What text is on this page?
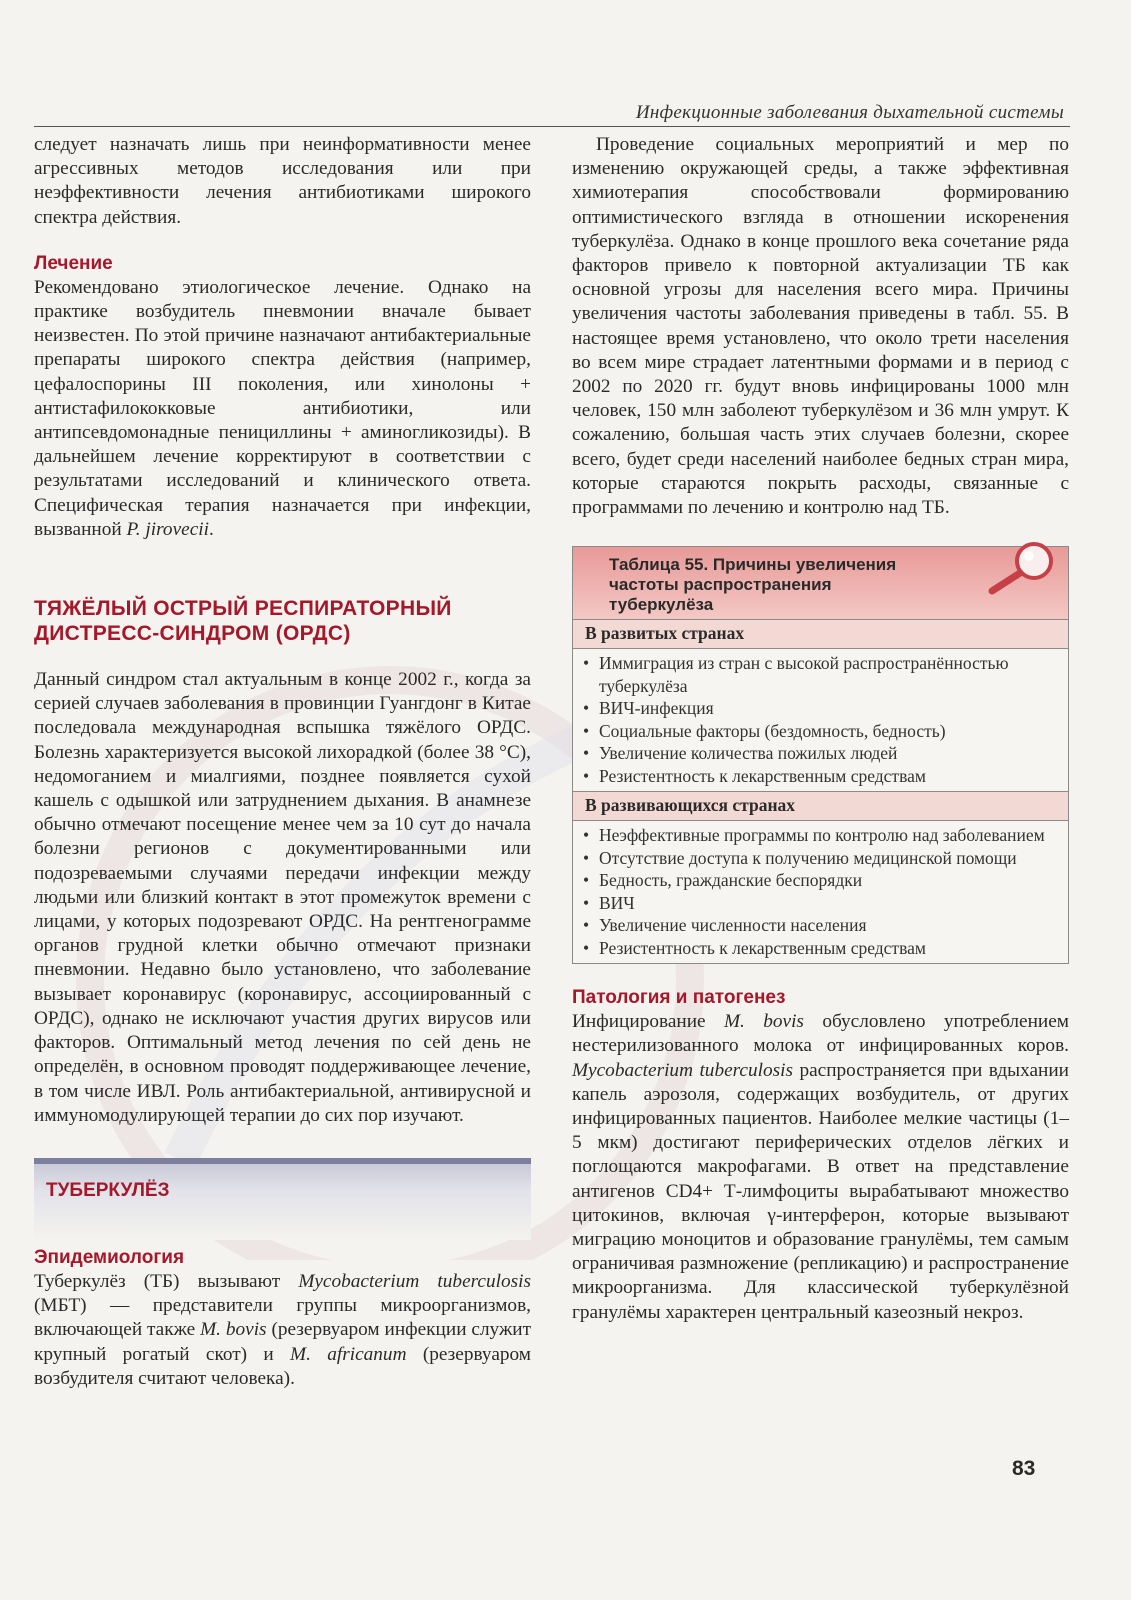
Инфекционные заболевания дыхательной системы

следует назначать лишь при неинформативности менее агрессивных методов исследования или при неэффективности лечения антибиотиками широкого спектра действия.

Лечение

Рекомендовано этиологическое лечение. Однако на практике возбудитель пневмонии вначале бывает неизвестен. По этой причине назначают антибактериальные препараты широкого спектра действия (например, цефалоспорины III поколения, или хинолоны + антистафилококковые антибиотики, или антипсевдомонадные пенициллины + аминогликозиды). В дальнейшем лечение корректируют в соответствии с результатами исследований и клинического ответа. Специфическая терапия назначается при инфекции, вызванной P. jirovecii.

ТЯЖЁЛЫЙ ОСТРЫЙ РЕСПИРАТОРНЫЙ
ДИСТРЕСС-СИНДРОМ (ОРДС)

Данный синдром стал актуальным в конце 2002 г., когда за серией случаев заболевания в провинции Гуангдонг в Китае последовала международная вспышка тяжёлого ОРДС. Болезнь характеризуется высокой лихорадкой (более 38 °С), недомоганием и миалгиями, позднее появляется сухой кашель с одышкой или затруднением дыхания. В анамнезе обычно отмечают посещение менее чем за 10 сут до начала болезни регионов с документированными или подозреваемыми случаями передачи инфекции между людьми или близкий контакт в этот промежуток времени с лицами, у которых подозревают ОРДС. На рентгенограмме органов грудной клетки обычно отмечают признаки пневмонии. Недавно было установлено, что заболевание вызывает коронавирус (коронавирус, ассоциированный с ОРДС), однако не исключают участия других вирусов или факторов. Оптимальный метод лечения по сей день не определён, в основном проводят поддерживающее лечение, в том числе ИВЛ. Роль антибактериальной, антивирусной и иммуномодулирующей терапии до сих пор изучают.

ТУБЕРКУЛЁЗ
Эпидемиология

Туберкулёз (ТБ) вызывают Mycobacterium tuberculosis (МБТ) — представители группы микроорганизмов, включающей также M. bovis (резервуаром инфекции служит крупный рогатый скот) и M. africanum (резервуаром возбудителя считают человека).

Проведение социальных мероприятий и мер по изменению окружающей среды, а также эффективная химиотерапия способствовали формированию оптимистического взгляда в отношении искоренения туберкулёза. Однако в конце прошлого века сочетание ряда факторов привело к повторной актуализации ТБ как основной угрозы для населения всего мира. Причины увеличения частоты заболевания приведены в табл. 55. В настоящее время установлено, что около трети населения во всем мире страдает латентными формами и в период с 2002 по 2020 гг. будут вновь инфицированы 1000 млн человек, 150 млн заболеют туберкулёзом и 36 млн умрут. К сожалению, большая часть этих случаев болезни, скорее всего, будет среди населений наиболее бедных стран мира, которые стараются покрыть расходы, связанные с программами по лечению и контролю над ТБ.

Таблица 55. Причины увеличения
частоты распространения
туберкулёза
В развитых странах
• Иммиграция из стран с высокой распространённостью туберкулёза
• ВИЧ-инфекция
• Социальные факторы (бездомность, бедность)
• Увеличение количества пожилых людей
• Резистентность к лекарственным средствам
В развивающихся странах
• Неэффективные программы по контролю над заболеванием
• Отсутствие доступа к получению медицинской помощи
• Бедность, гражданские беспорядки
• ВИЧ
• Увеличение численности населения
• Резистентность к лекарственным средствам
Патология и патогенез

Инфицирование M. bovis обусловлено употреблением нестерилизованного молока от инфицированных коров. Mycobacterium tuberculosis распространяется при вдыхании капель аэрозоля, содержащих возбудитель, от других инфицированных пациентов. Наиболее мелкие частицы (1–5 мкм) достигают периферических отделов лёгких и поглощаются макрофагами. В ответ на представление антигенов CD4+ Т-лимфоциты вырабатывают множество цитокинов, включая γ-интерферон, которые вызывают миграцию моноцитов и образование гранулёмы, тем самым ограничивая размножение (репликацию) и распространение микроорганизма. Для классической туберкулёзной гранулёмы характерен центральный казеозный некроз.

83
